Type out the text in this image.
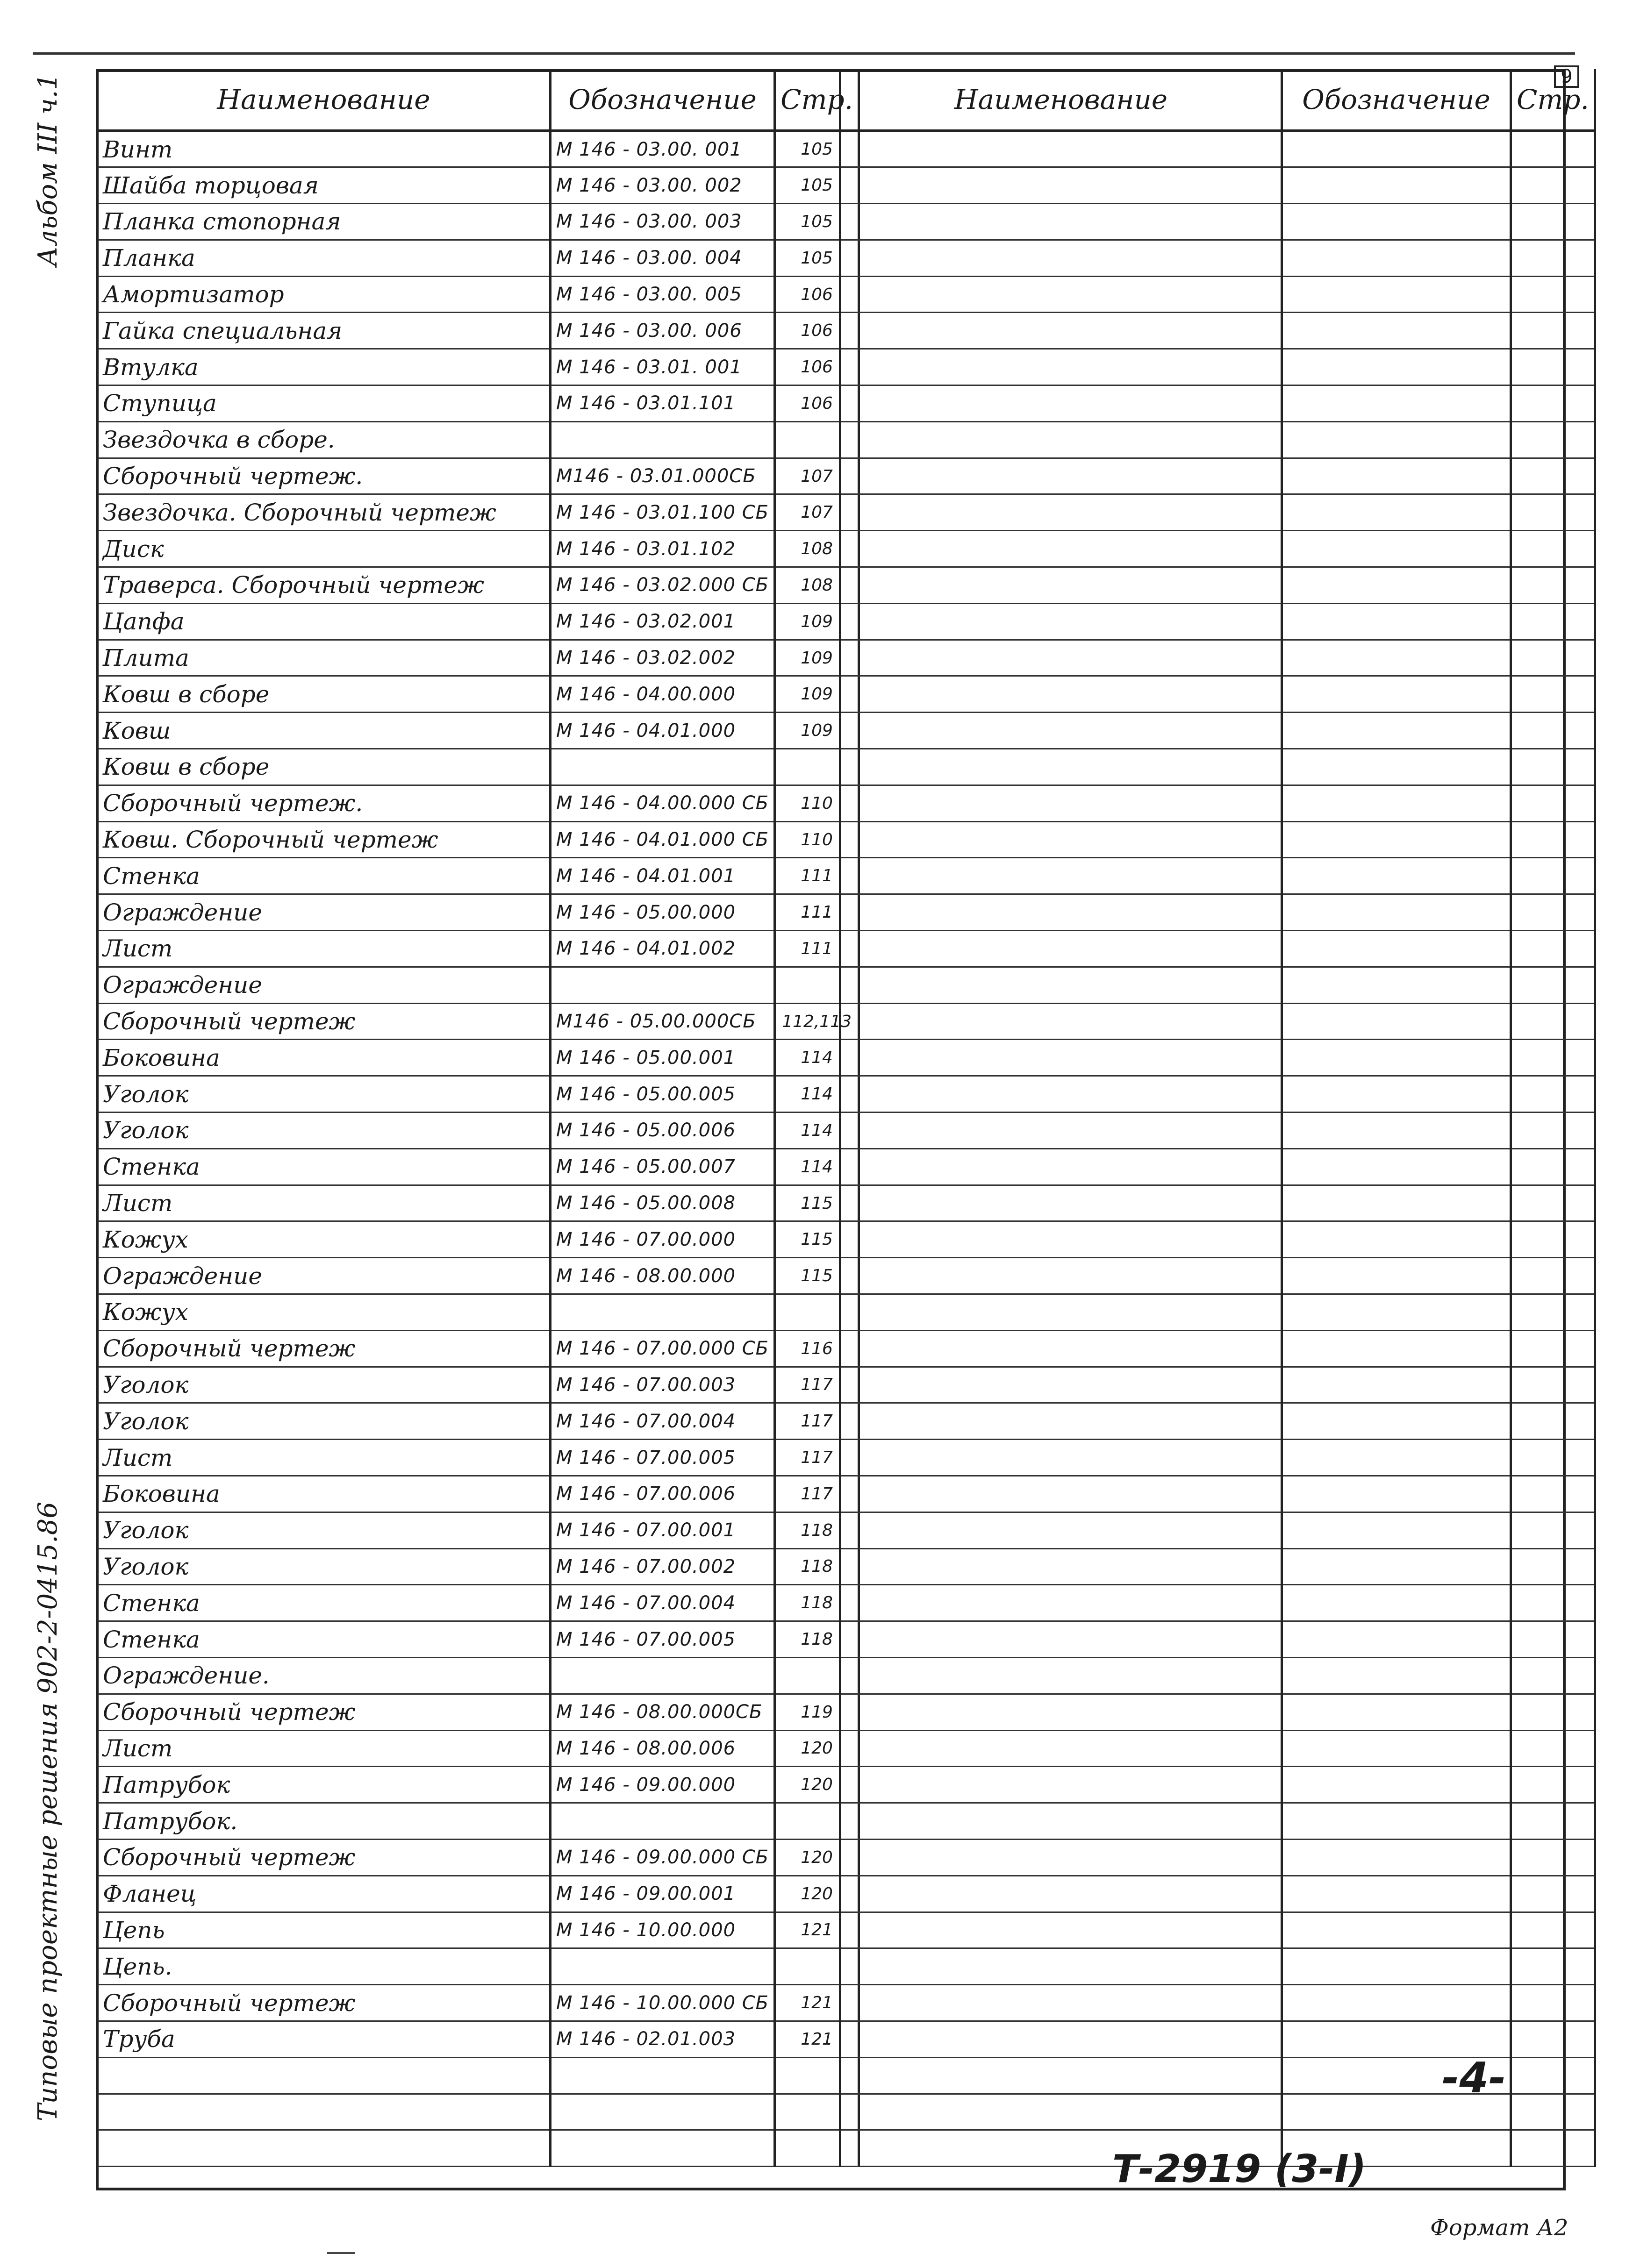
9
Типовые проектные решения 902-2-0415.86
Альбом III ч.1	Наименование	Обозначение	Стр.
Винт	M 146 - 03.00. 001	105
Шайба торцовая	M 146 - 03.00. 002	105
Планка стопорная	M 146 - 03.00. 003	105
Планка	M 146 - 03.00. 004	105
Амортизатор	M 146 - 03.00. 005	106
Гайка специальная	M 146 - 03.00. 006	106
Втулка	M 146 - 03.01. 001	106
Ступица	M 146 - 03.01.101	106
Звездочка в сборе.		
Сборочный чертеж.	M146 - 03.01.000СБ	107
Звездочка. Сборочный чертеж	M 146 - 03.01.100 СБ	107
Диск	M 146 - 03.01.102	108
Траверса. Сборочный чертеж	M 146 - 03.02.000 СБ	108
Цапфа	M 146 - 03.02.001	109
Плита	M 146 - 03.02.002	109
Ковш в сборе	M 146 - 04.00.000	109
Ковш	M 146 - 04.01.000	109
Ковш в сборе		
Сборочный чертеж.	M 146 - 04.00.000 СБ	110
Ковш. Сборочный чертеж	M 146 - 04.01.000 СБ	110
Стенка	M 146 - 04.01.001	111
Ограждение	M 146 - 05.00.000	111
Лист	M 146 - 04.01.002	111
Ограждение		
Сборочный чертеж	M146 - 05.00.000СБ	112,113
Боковина	M 146 - 05.00.001	114
Уголок	M 146 - 05.00.005	114
Уголок	M 146 - 05.00.006	114
Стенка	M 146 - 05.00.007	114
Лист	M 146 - 05.00.008	115
Кожух	M 146 - 07.00.000	115
Ограждение	M 146 - 08.00.000	115
Кожух		
Сборочный чертеж	M 146 - 07.00.000 СБ	116
Уголок	M 146 - 07.00.003	117
Уголок	M 146 - 07.00.004	117
Лист	M 146 - 07.00.005	117
Боковина	M 146 - 07.00.006	117
Уголок	M 146 - 07.00.001	118
Уголок	M 146 - 07.00.002	118
Стенка	M 146 - 07.00.004	118
Стенка	M 146 - 07.00.005	118
Ограждение.		
Сборочный чертеж	M 146 - 08.00.000СБ	119
Лист	M 146 - 08.00.006	120
Патрубок	M 146 - 09.00.000	120
Патрубок.		
Сборочный чертеж	M 146 - 09.00.000 СБ	120
Фланец	M 146 - 09.00.001	120
Цепь	M 146 - 10.00.000	121
Цепь.		
Сборочный чертеж	M 146 - 10.00.000 СБ	121
Труба	M 146 - 02.01.003	121

Наименование	Обозначение	Стр.

-4-
Т-2919 (3-I)
Формат А2
